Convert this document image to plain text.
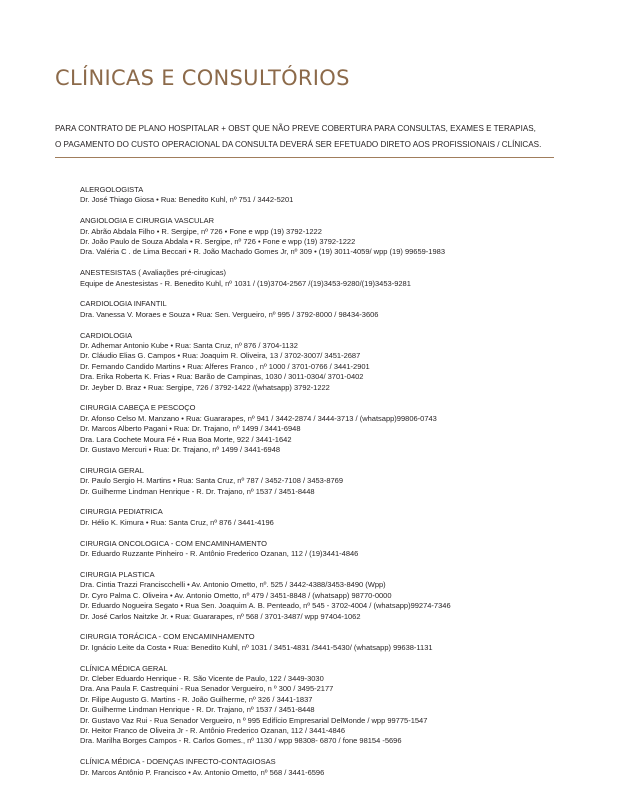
CLÍNICAS E CONSULTÓRIOS
PARA CONTRATO DE PLANO HOSPITALAR + OBST QUE NÃO PREVE COBERTURA PARA CONSULTAS, EXAMES E TERAPIAS,
O PAGAMENTO DO CUSTO OPERACIONAL DA CONSULTA DEVERÁ SER EFETUADO DIRETO AOS PROFISSIONAIS / CLÍNICAS.
ALERGOLOGISTA
Dr. José Thiago Giosa • Rua: Benedito Kuhl, nº 751 / 3442-5201
ANGIOLOGIA E CIRURGIA VASCULAR
Dr. Abrão Abdala Filho • R. Sergipe, nº 726 • Fone e wpp (19) 3792-1222
Dr. João Paulo de Souza Abdala • R. Sergipe, nº 726 • Fone e wpp (19) 3792-1222
Dra. Valéria C . de Lima Beccari • R. João Machado Gomes Jr, nº 309 • (19) 3011-4059/ wpp (19) 99659-1983
ANESTESISTAS ( Avaliações pré-cirugicas)
Equipe de Anestesistas - R. Benedito Kuhl, nº 1031 / (19)3704-2567 /(19)3453-9280/(19)3453-9281
CARDIOLOGIA INFANTIL
Dra. Vanessa V. Moraes e Souza • Rua: Sen. Vergueiro, nº 995 / 3792-8000 / 98434-3606
CARDIOLOGIA
Dr. Adhemar Antonio Kube • Rua: Santa Cruz, nº 876 / 3704-1132
Dr. Cláudio Elias G. Campos • Rua: Joaquim R. Oliveira, 13 / 3702-3007/ 3451-2687
Dr. Fernando Candido Martins • Rua: Alferes Franco , nº 1000 / 3701-0766 / 3441-2901
Dra. Erika Roberta K. Frias • Rua: Barão de Campinas, 1030 / 3011-0304/ 3701-0402
Dr. Jeyber D. Braz • Rua: Sergipe, 726 / 3792-1422 /(whatsapp) 3792-1222
CIRURGIA CABEÇA E PESCOÇO
Dr. Afonso Celso M. Manzano • Rua: Guararapes, nº 941 / 3442-2874 / 3444-3713 / (whatsapp)99806-0743
Dr. Marcos Alberto Pagani • Rua: Dr. Trajano, nº 1499 / 3441-6948
Dra. Lara Cochete Moura Fé • Rua Boa Morte, 922 / 3441-1642
Dr. Gustavo Mercuri • Rua: Dr. Trajano, nº 1499 / 3441-6948
CIRURGIA GERAL
Dr. Paulo Sergio H. Martins • Rua: Santa Cruz, nº 787 / 3452-7108 / 3453-8769
Dr. Guilherme Lindman Henrique - R. Dr. Trajano, nº 1537 / 3451-8448
CIRURGIA PEDIATRICA
Dr. Hélio K. Kimura • Rua: Santa Cruz, nº 876 / 3441-4196
CIRURGIA ONCOLOGICA - COM ENCAMINHAMENTO
Dr. Eduardo Ruzzante Pinheiro - R. Antônio Frederico Ozanan, 112 / (19)3441-4846
CIRURGIA PLASTICA
Dra. Cintia Trazzi Franciscchelli • Av. Antonio Ometto, nº. 525 / 3442-4388/3453-8490 (Wpp)
Dr. Cyro Palma C. Oliveira • Av. Antonio Ometto, nº 479 / 3451-8848 / (whatsapp) 98770-0000
Dr. Eduardo Nogueira Segato • Rua Sen. Joaquim A. B. Penteado, nº 545 - 3702-4004 / (whatsapp)99274-7346
Dr. José Carlos Naitzke Jr. • Rua: Guararapes, nº 568 / 3701-3487/ wpp 97404-1062
CIRURGIA TORÁCICA - COM ENCAMINHAMENTO
Dr. Ignácio Leite da Costa • Rua: Benedito Kuhl, nº 1031 / 3451-4831 /3441-5430/ (whatsapp) 99638-1131
CLÍNICA MÉDICA GERAL
Dr. Cleber Eduardo Henrique - R. São Vicente de Paulo, 122 / 3449-3030
Dra. Ana Paula F. Castrequini - Rua Senador Vergueiro, n º 300 / 3495-2177
Dr. Filipe Augusto G. Martins - R. João Guilherme, nº 326 / 3441-1837
Dr. Guilherme Lindman Henrique - R. Dr. Trajano, nº 1537 / 3451-8448
Dr. Gustavo Vaz Rui - Rua Senador Vergueiro, n º 995 Edifício Empresarial DelMonde / wpp 99775-1547
Dr. Heitor Franco de Oliveira Jr - R. Antônio Frederico Ozanan, 112 / 3441-4846
Dra. Marilha Borges Campos - R. Carlos Gomes., nº 1130 / wpp 98308- 6870 / fone 98154 -5696
CLÍNICA MÉDICA - DOENÇAS INFECTO-CONTAGIOSAS
Dr. Marcos Antônio P. Francisco • Av. Antonio Ometto, nº 568 / 3441-6596
